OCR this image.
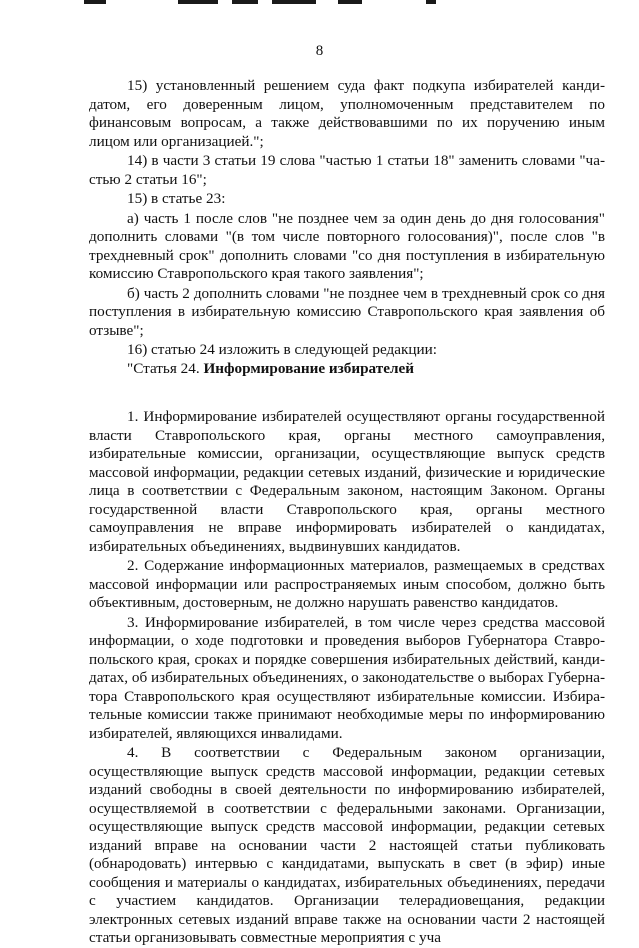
8

15) установленный решением суда факт подкупа избирателей кандидатом, его доверенным лицом, уполномоченным представителем по финансовым вопросам, а также действовавшими по их поручению иным лицом или организацией.";

14) в части 3 статьи 19 слова "частью 1 статьи 18" заменить словами "частью 2 статьи 16";

15) в статье 23:

а) часть 1 после слов "не позднее чем за один день до дня голосования" дополнить словами "(в том числе повторного голосования)", после слов "в трехдневный срок" дополнить словами "со дня поступления в избирательную комиссию Ставропольского края такого заявления";

б) часть 2 дополнить словами "не позднее чем в трехдневный срок со дня поступления в избирательную комиссию Ставропольского края заявления об отзыве";

16) статью 24 изложить в следующей редакции:

"Статья 24. Информирование избирателей

1. Информирование избирателей осуществляют органы государственной власти Ставропольского края, органы местного самоуправления, избирательные комиссии, организации, осуществляющие выпуск средств массовой информации, редакции сетевых изданий, физические и юридические лица в соответствии с Федеральным законом, настоящим Законом. Органы государственной власти Ставропольского края, органы местного самоуправления не вправе информировать избирателей о кандидатах, избирательных объединениях, выдвинувших кандидатов.

2. Содержание информационных материалов, размещаемых в средствах массовой информации или распространяемых иным способом, должно быть объективным, достоверным, не должно нарушать равенство кандидатов.

3. Информирование избирателей, в том числе через средства массовой информации, о ходе подготовки и проведения выборов Губернатора Ставропольского края, сроках и порядке совершения избирательных действий, кандидатах, об избирательных объединениях, о законодательстве о выборах Губернатора Ставропольского края осуществляют избирательные комиссии. Избирательные комиссии также принимают необходимые меры по информированию избирателей, являющихся инвалидами.

4. В соответствии с Федеральным законом организации, осуществляющие выпуск средств массовой информации, редакции сетевых изданий свободны в своей деятельности по информированию избирателей, осуществляемой в соответствии с федеральными законами. Организации, осуществляющие выпуск средств массовой информации, редакции сетевых изданий вправе на основании части 2 настоящей статьи публиковать (обнародовать) интервью с кандидатами, выпускать в свет (в эфир) иные сообщения и материалы о кандидатах, избирательных объединениях, передачи с участием кандидатов. Организации телерадиовещания, редакции электронных сетевых изданий вправе также на основании части 2 настоящей статьи организовывать совместные мероприятия с уча
